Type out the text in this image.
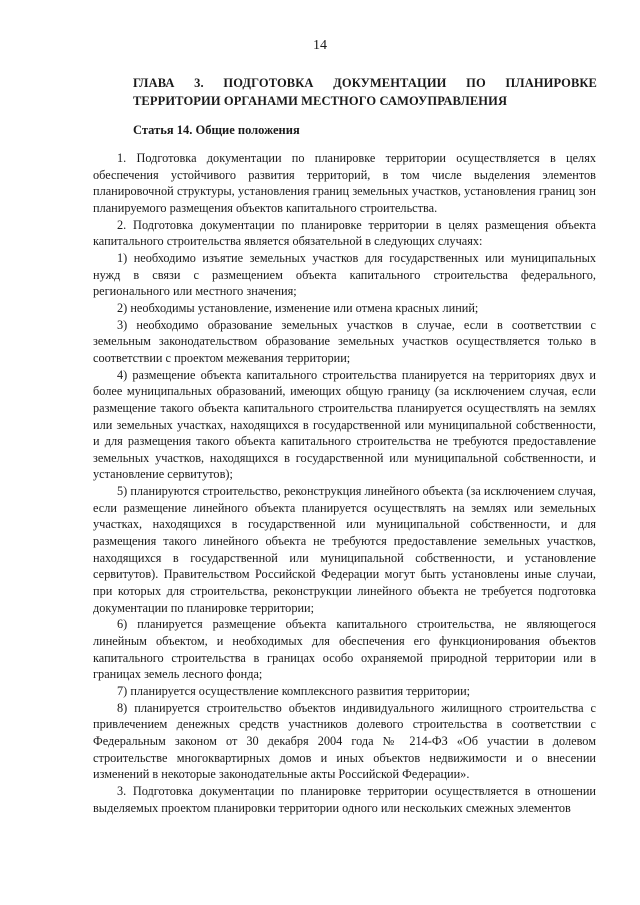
14
ГЛАВА 3. ПОДГОТОВКА ДОКУМЕНТАЦИИ ПО ПЛАНИРОВКЕ ТЕРРИТОРИИ ОРГАНАМИ МЕСТНОГО САМОУПРАВЛЕНИЯ
Статья 14. Общие положения

1. Подготовка документации по планировке территории осуществляется в целях обеспечения устойчивого развития территорий, в том числе выделения элементов планировочной структуры, установления границ земельных участков, установления границ зон планируемого размещения объектов капитального строительства.

2. Подготовка документации по планировке территории в целях размещения объекта капитального строительства является обязательной в следующих случаях:

1) необходимо изъятие земельных участков для государственных или муниципальных нужд в связи с размещением объекта капитального строительства федерального, регионального или местного значения;

2) необходимы установление, изменение или отмена красных линий;

3) необходимо образование земельных участков в случае, если в соответствии с земельным законодательством образование земельных участков осуществляется только в соответствии с проектом межевания территории;

4) размещение объекта капитального строительства планируется на территориях двух и более муниципальных образований, имеющих общую границу (за исключением случая, если размещение такого объекта капитального строительства планируется осуществлять на землях или земельных участках, находящихся в государственной или муниципальной собственности, и для размещения такого объекта капитального строительства не требуются предоставление земельных участков, находящихся в государственной или муниципальной собственности, и установление сервитутов);

5) планируются строительство, реконструкция линейного объекта (за исключением случая, если размещение линейного объекта планируется осуществлять на землях или земельных участках, находящихся в государственной или муниципальной собственности, и для размещения такого линейного объекта не требуются предоставление земельных участков, находящихся в государственной или муниципальной собственности, и установление сервитутов). Правительством Российской Федерации могут быть установлены иные случаи, при которых для строительства, реконструкции линейного объекта не требуется подготовка документации по планировке территории;

6) планируется размещение объекта капитального строительства, не являющегося линейным объектом, и необходимых для обеспечения его функционирования объектов капитального строительства в границах особо охраняемой природной территории или в границах земель лесного фонда;

7) планируется осуществление комплексного развития территории;

8) планируется строительство объектов индивидуального жилищного строительства с привлечением денежных средств участников долевого строительства в соответствии с Федеральным законом от 30 декабря 2004 года № 214-ФЗ «Об участии в долевом строительстве многоквартирных домов и иных объектов недвижимости и о внесении изменений в некоторые законодательные акты Российской Федерации».

3. Подготовка документации по планировке территории осуществляется в отношении выделяемых проектом планировки территории одного или нескольких смежных элементов
